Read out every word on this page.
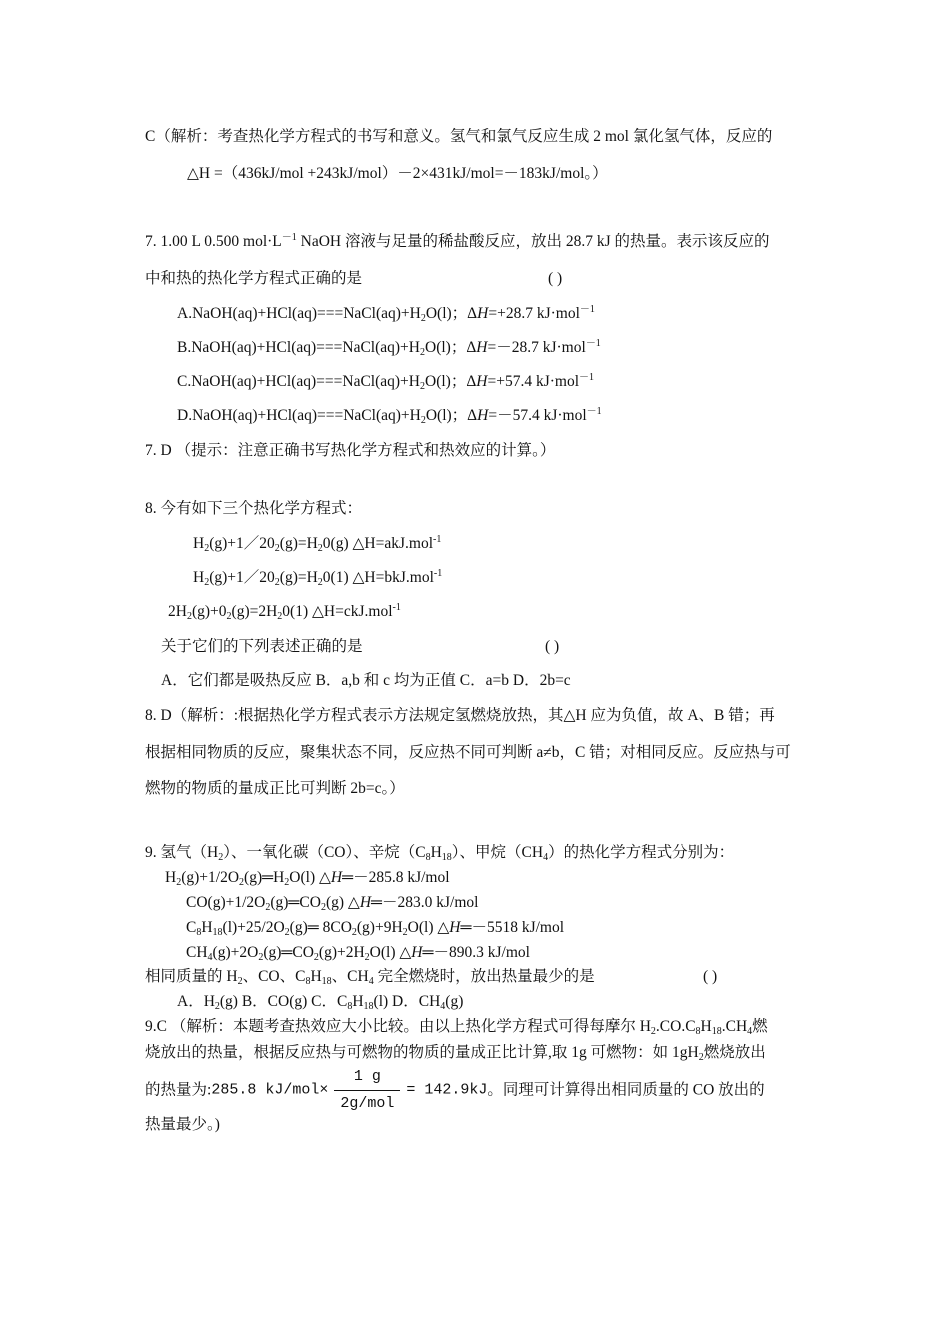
C（解析：考查热化学方程式的书写和意义。氢气和氯气反应生成 2 mol 氯化氢气体，反应的
△H =（436kJ/mol +243kJ/mol）－2×431kJ/mol=－183kJ/mol。）
7. 1.00 L 0.500 $mol\cdot L^{-1}$ NaOH 溶液与足量的稀盐酸反应，放出 28.7 kJ 的热量。表示该反应的
中和热的热化学方程式正确的是	( )
$A.NaOH(aq)+HCl(aq)===NaCl(aq)+H_2O(l)$；ΔH=+28.7 kJ·mol$^{-1}$
$B.NaOH(aq)+HCl(aq)===NaCl(aq)+H_2O(l)$；ΔH=－28.7 kJ·mol$^{-1}$
$C.NaOH(aq)+HCl(aq)===NaCl(aq)+H_2O(l)$；ΔH=+57.4 kJ·mol$^{-1}$
$D.NaOH(aq)+HCl(aq)===NaCl(aq)+H_2O(l)$；ΔH=－57.4 kJ·mol$^{-1}$
7. D （提示：注意正确书写热化学方程式和热效应的计算。）
8. 今有如下三个热化学方程式：
$H_2(g)+1/20_2(g)=H_20(g)$ △H=akJ.mol$^{-1}$
$H_2(g)+1/20_2(g)=H_20(1)$ △H=bkJ.mol$^{-1}$
$2H_2(g)+0_2(g)=2H_20(1)$ △H=ckJ.mol$^{-1}$
关于它们的下列表述正确的是	( )
A．它们都是吸热反应 B．a,b 和 c 均为正值 C．a=b D．2b=c
8. D（解析：:根据热化学方程式表示方法规定氢燃烧放热，其△H 应为负值，故 A、B 错；再
根据相同物质的反应，聚集状态不同，反应热不同可判断 a≠b，C 错；对相同反应。反应热与可
燃物的物质的量成正比可判断 2b=c。）
9. 氢气$(H_2)$、一氧化碳（CO）、辛烷$(C_8H_{18})$、甲烷$(CH_4)$的热化学方程式分别为：
$H_2(g)+1/2O_2(g)═H_2O(l)$ △H═－285.8 kJ/mol
$CO(g)+1/2O_2(g)═CO_2(g)$ △H═－283.0 kJ/mol
$C_8H_{18}(l)+25/2O_2(g)═$ $8CO_2(g)+9H_2O(l)$ △H═－5518 kJ/mol
$CH_4(g)+2O_2(g)═CO_2(g)+2H_2O(l)$ △H═－890.3 kJ/mol
相同质量的 $H_2$、CO、$C_8H_{18}$、$CH_4$ 完全燃烧时，放出热量最少的是	( )
A．$H_2(g)$ B．CO(g) C．$C_8H_{18}(l)$ D．$CH_4(g)$
9.C （解析：本题考查热效应大小比较。由以上热化学方程式可得每摩尔 $H_2.CO.C_8H_{18}.CH_4$燃
烧放出的热量，根据反应热与可燃物的物质的量成正比计算,取 1g 可燃物：如 $1gH_2$燃烧放出
的热量为:285.8 $kJ/mol\times \frac{1 g}{\text{2g/mol}} = 142.9kJ$。同理可计算得出相同质量的 CO 放出的
热量最少。)
